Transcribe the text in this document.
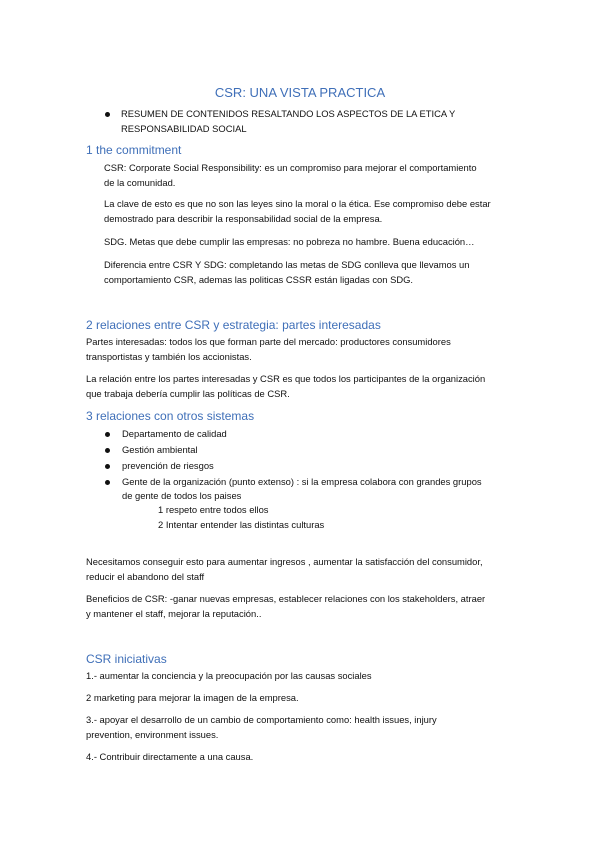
CSR: UNA VISTA PRACTICA
RESUMEN DE CONTENIDOS RESALTANDO LOS ASPECTOS DE LA ETICA Y
RESPONSABILIDAD SOCIAL
1 the commitment
CSR: Corporate Social Responsibility: es un compromiso para mejorar el comportamiento
de la comunidad.
La clave de esto es que no son las leyes sino la moral o la ética. Ese compromiso debe estar
demostrado para describir la responsabilidad social de la empresa.
SDG. Metas que debe cumplir las empresas: no pobreza no hambre. Buena educación…
Diferencia entre CSR Y SDG: completando las metas de SDG conlleva que llevamos un
comportamiento CSR, ademas las politicas CSSR están ligadas con SDG.
2 relaciones entre CSR y estrategia: partes interesadas
Partes interesadas: todos los que forman parte del mercado: productores consumidores
transportistas y también los accionistas.
La relación entre los partes interesadas y CSR es que todos los participantes de la organización
que trabaja debería cumplir las políticas de CSR.
3 relaciones con otros sistemas
Departamento de calidad
Gestión ambiental
prevención de riesgos
Gente de la organización (punto extenso) : si la empresa colabora con grandes grupos
de gente de todos los paises
1 respeto entre todos ellos
2 Intentar entender las distintas culturas
Necesitamos conseguir esto para aumentar ingresos , aumentar la satisfacción del consumidor,
reducir el abandono del staff
Beneficios de CSR: -ganar nuevas empresas, establecer relaciones con los stakeholders, atraer
y mantener el staff, mejorar la reputación..
CSR iniciativas
1.- aumentar la conciencia y la preocupación por las causas sociales
2 marketing para mejorar la imagen de la empresa.
3.- apoyar el desarrollo de un cambio de comportamiento como: health issues, injury
prevention, environment issues.
4.- Contribuir directamente a una causa.
